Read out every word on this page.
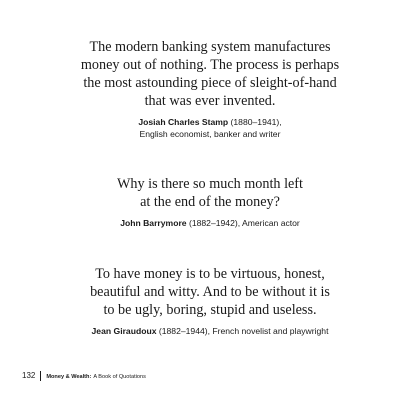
The modern banking system manufactures
money out of nothing. The process is perhaps
the most astounding piece of sleight-of-hand
that was ever invented.

Josiah Charles Stamp (1880–1941),
English economist, banker and writer

Why is there so much month left
at the end of the money?

John Barrymore (1882–1942), American actor

To have money is to be virtuous, honest,
beautiful and witty. And to be without it is
to be ugly, boring, stupid and useless.

Jean Giraudoux (1882–1944), French novelist and playwright
132 Money & Wealth: A Book of Quotations
